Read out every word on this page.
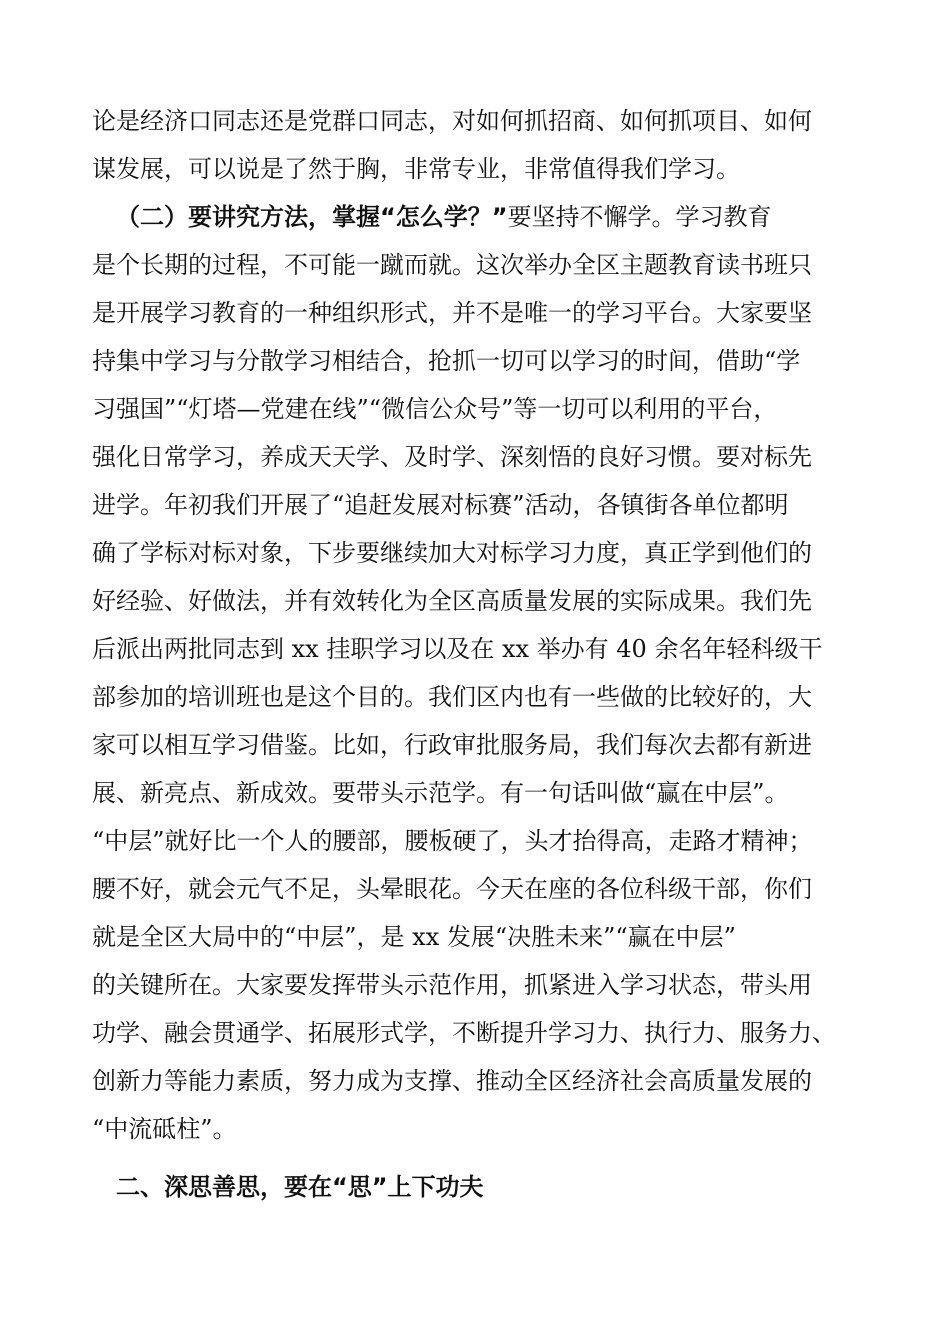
论是经济口同志还是党群口同志，对如何抓招商、如何抓项目、如何
谋发展，可以说是了然于胸，非常专业，非常值得我们学习。
（二）要讲究方法，掌握“怎么学？”要坚持不懈学。学习教育
是个长期的过程，不可能一蹴而就。这次举办全区主题教育读书班只
是开展学习教育的一种组织形式，并不是唯一的学习平台。大家要坚
持集中学习与分散学习相结合，抢抓一切可以学习的时间，借助“学
习强国”“灯塔—党建在线”“微信公众号”等一切可以利用的平台，
强化日常学习，养成天天学、及时学、深刻悟的良好习惯。要对标先
进学。年初我们开展了“追赶发展对标赛”活动，各镇街各单位都明
确了学标对标对象，下步要继续加大对标学习力度，真正学到他们的
好经验、好做法，并有效转化为全区高质量发展的实际成果。我们先
后派出两批同志到 xx 挂职学习以及在 xx 举办有 40 余名年轻科级干
部参加的培训班也是这个目的。我们区内也有一些做的比较好的，大
家可以相互学习借鉴。比如，行政审批服务局，我们每次去都有新进
展、新亮点、新成效。要带头示范学。有一句话叫做“赢在中层”。
“中层”就好比一个人的腰部，腰板硬了，头才抬得高，走路才精神；
腰不好，就会元气不足，头晕眼花。今天在座的各位科级干部，你们
就是全区大局中的“中层”，是 xx 发展“决胜未来”“赢在中层”
的关键所在。大家要发挥带头示范作用，抓紧进入学习状态，带头用
功学、融会贯通学、拓展形式学，不断提升学习力、执行力、服务力、
创新力等能力素质，努力成为支撑、推动全区经济社会高质量发展的
“中流砥柱”。
二、深思善思，要在“思”上下功夫
